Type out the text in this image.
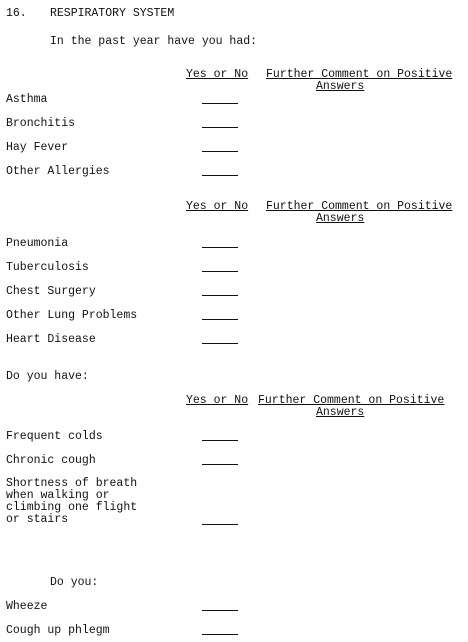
16. RESPIRATORY SYSTEM
In the past year have you had:
Yes or No Further Comment on Positive
Answers
Asthma
Bronchitis
Hay Fever
Other Allergies
Yes or No Further Comment on Positive
Answers
Pneumonia
Tuberculosis
Chest Surgery
Other Lung Problems
Heart Disease
Do you have:
Yes or No Further Comment on Positive
Answers
Frequent colds
Chronic cough
Shortness of breath
when walking or
climbing one flight
or stairs
Do you:
Wheeze
Cough up phlegm
